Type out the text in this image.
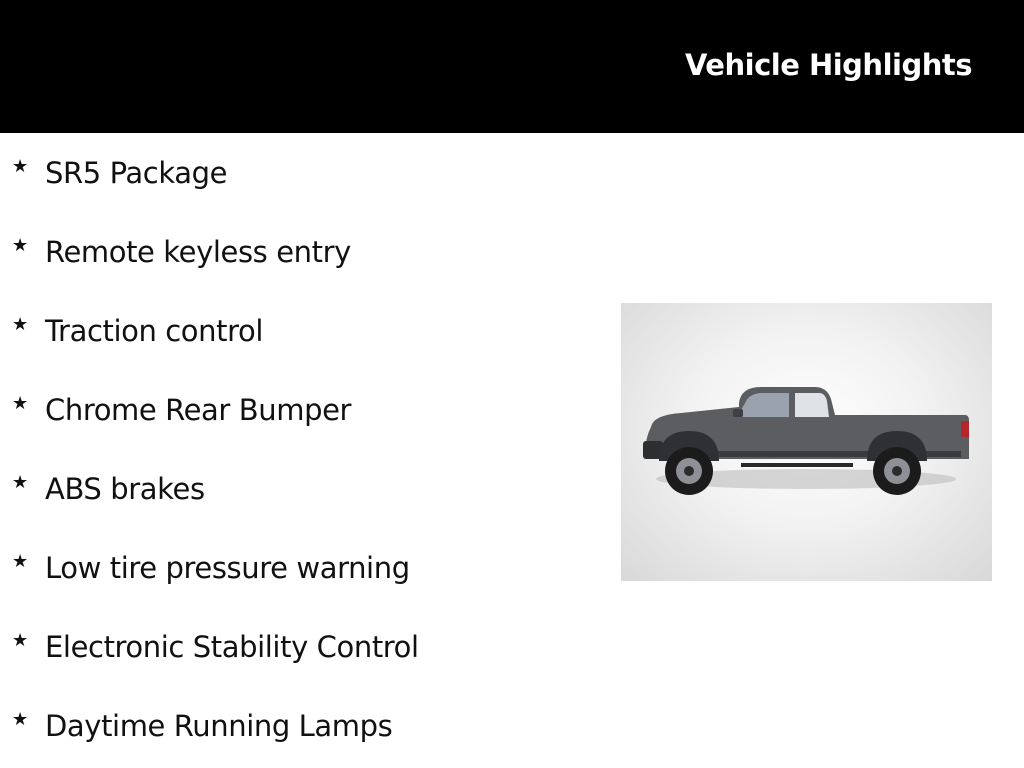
Vehicle Highlights
★ SR5 Package
★ Remote keyless entry
★ Traction control
★ Chrome Rear Bumper
★ ABS brakes
★ Low tire pressure warning
★ Electronic Stability Control
★ Daytime Running Lamps
